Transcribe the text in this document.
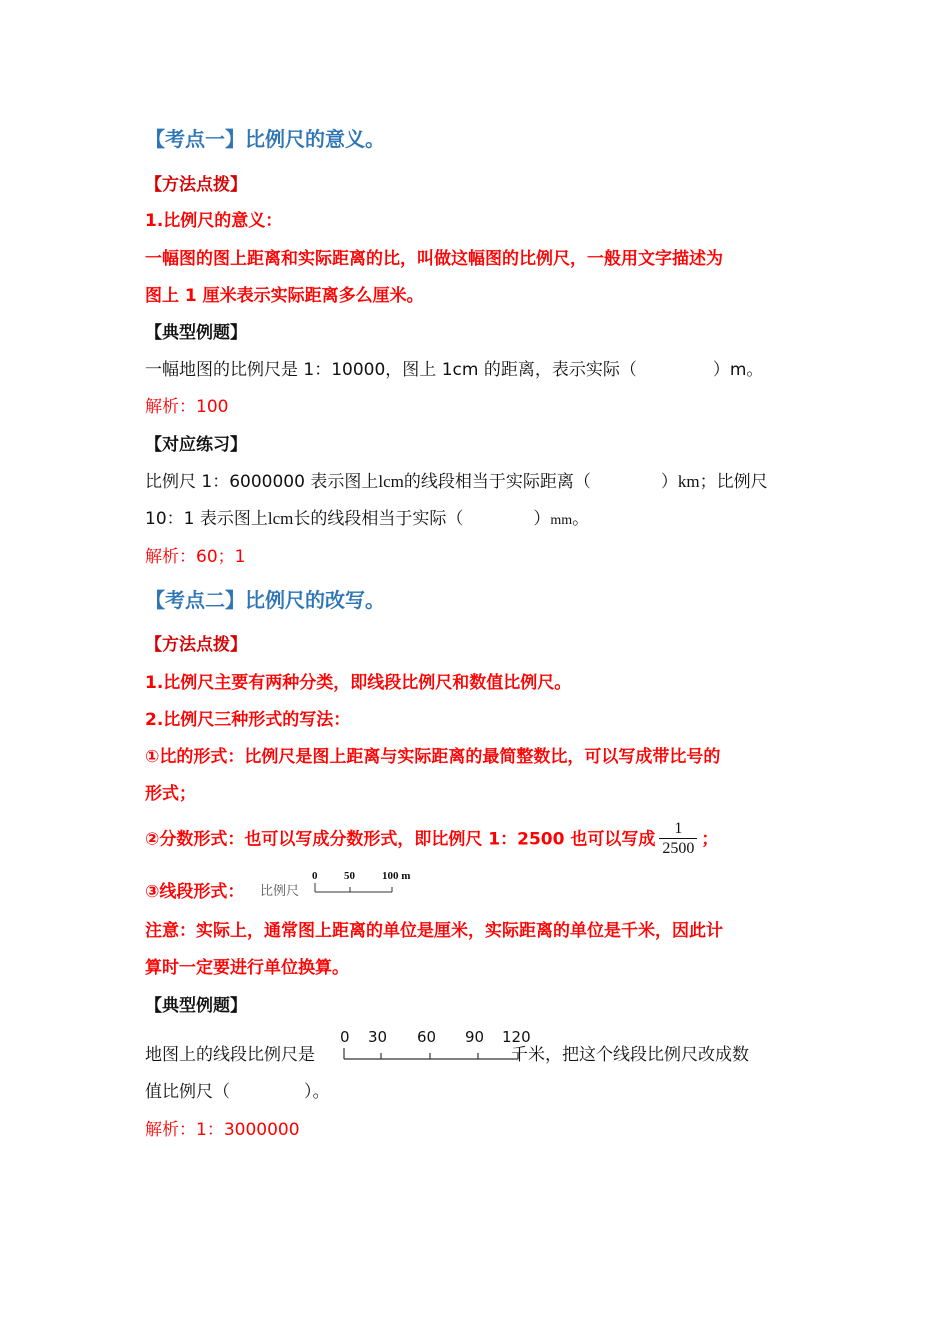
【考点一】比例尺的意义。
【方法点拨】
1.比例尺的意义：
一幅图的图上距离和实际距离的比，叫做这幅图的比例尺，一般用文字描述为
图上 1 厘米表示实际距离多么厘米。
【典型例题】
一幅地图的比例尺是 1：10000，图上 1cm 的距离，表示实际（	）m。
解析：100
【对应练习】
比例尺 1：6000000 表示图上lcm的线段相当于实际距离（	）km；比例尺
10：1 表示图上lcm长的线段相当于实际（	）mm。
解析：60；1
【考点二】比例尺的改写。
【方法点拨】
1.比例尺主要有两种分类，即线段比例尺和数值比例尺。
2.比例尺三种形式的写法：
①比的形式：比例尺是图上距离与实际距离的最简整数比，可以写成带比号的
形式；
②分数形式：也可以写成分数形式，即比例尺 1：2500 也可以写成 $\frac{1}{2500}$ ；
③线段形式： 比例尺
0 50 100 m
注意：实际上，通常图上距离的单位是厘米，实际距离的单位是千米，因此计
算时一定要进行单位换算。
【典型例题】
地图上的线段比例尺是	千米，把这个线段比例尺改成数
0 30 60 90 120
值比例尺（	）。
解析：1：3000000
